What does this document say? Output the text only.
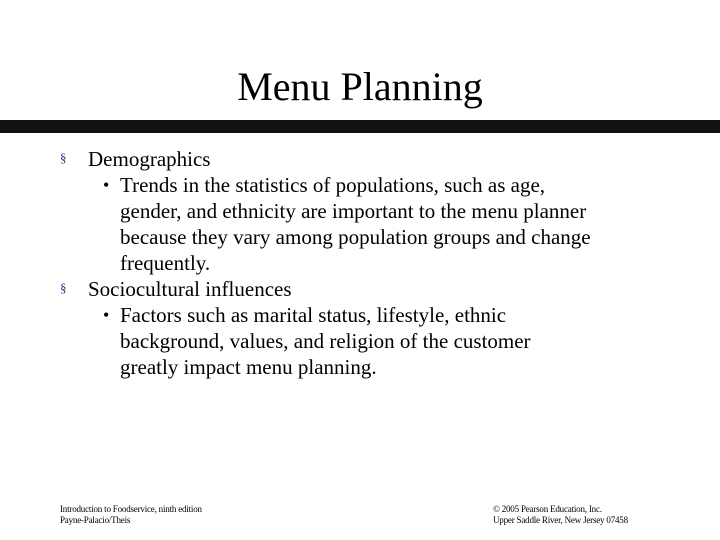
Menu Planning
§ Demographics
• Trends in the statistics of populations, such as age,
gender, and ethnicity are important to the menu planner
because they vary among population groups and change
frequently.
§ Sociocultural influences
• Factors such as marital status, lifestyle, ethnic
background, values, and religion of the customer
greatly impact menu planning.
Introduction to Foodservice, ninth edition
Payne-Palacio/Theis
© 2005 Pearson Education, Inc.
Upper Saddle River, New Jersey 07458
